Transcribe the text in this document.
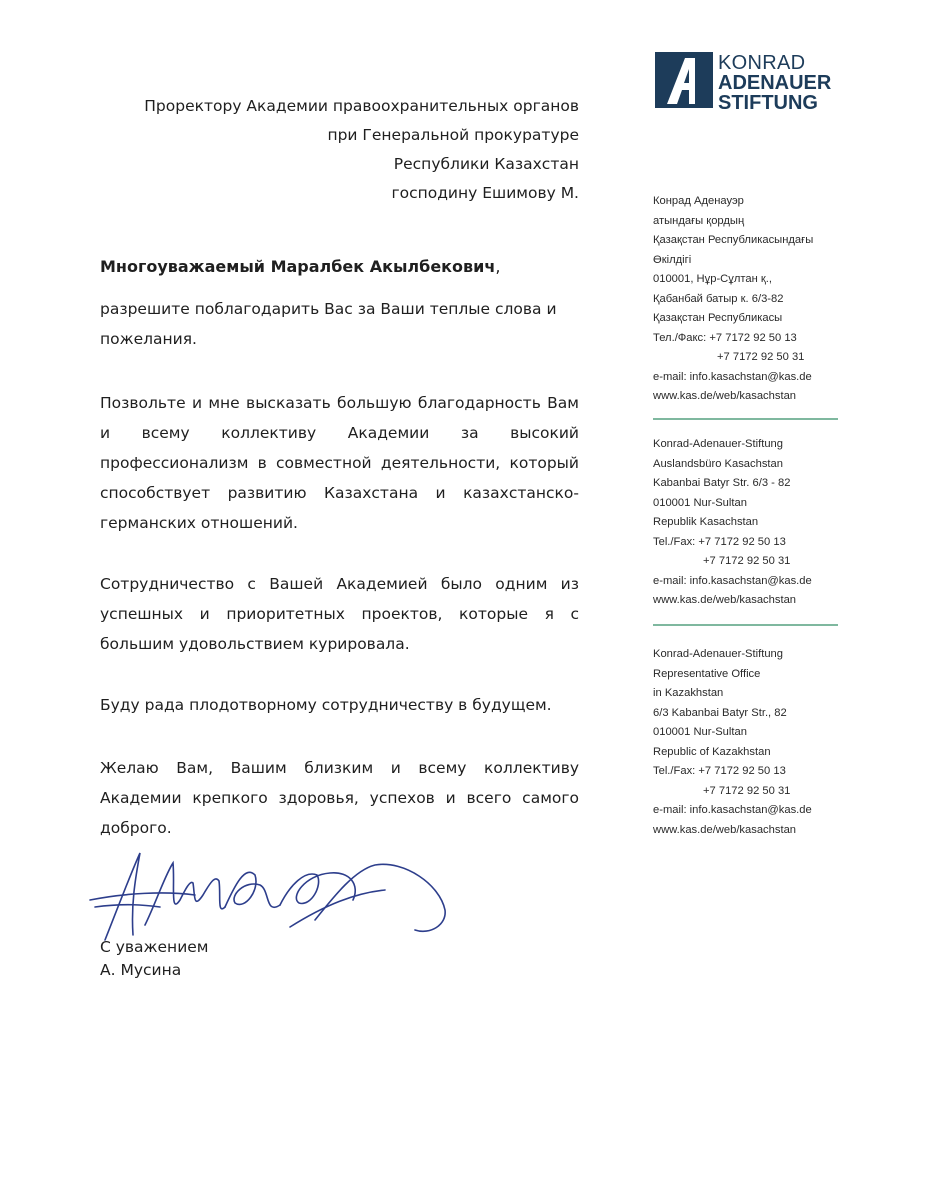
KONRAD
ADENAUER
STIFTUNG
Проректору Академии правоохранительных органов
при Генеральной прокуратуре
Республики Казахстан
господину Ешимову М.
Многоуважаемый Маралбек Акылбекович,
разрешите поблагодарить Вас за Ваши теплые слова и пожелания.
Позвольте и мне высказать большую благодарность Вам и всему коллективу Академии за высокий профессионализм в совместной деятельности, который способствует развитию Казахстана и казахстанско-германских отношений.
Сотрудничество с Вашей Академией было одним из успешных и приоритетных проектов, которые я с большим удовольствием курировала.
Буду рада плодотворному сотрудничеству в будущем.
Желаю Вам, Вашим близким и всему коллективу Академии крепкого здоровья, успехов и всего самого доброго.
С уважением
А. Мусина
Конрад Аденауэр
атындағы қордың
Қазақстан Республикасындағы
Өкілдігі
010001, Нұр-Сұлтан қ.,
Қабанбай батыр к. 6/3-82
Қазақстан Республикасы
Тел./Факс: +7 7172 92 50 13
+7 7172 92 50 31
e-mail: info.kasachstan@kas.de
www.kas.de/web/kasachstan
Konrad-Adenauer-Stiftung
Auslandsbüro Kasachstan
Kabanbai Batyr Str. 6/3 - 82
010001 Nur-Sultan
Republik Kasachstan
Tel./Fax: +7 7172 92 50 13
+7 7172 92 50 31
e-mail: info.kasachstan@kas.de
www.kas.de/web/kasachstan
Konrad-Adenauer-Stiftung
Representative Office
in Kazakhstan
6/3 Kabanbai Batyr Str., 82
010001 Nur-Sultan
Republic of Kazakhstan
Tel./Fax: +7 7172 92 50 13
+7 7172 92 50 31
e-mail: info.kasachstan@kas.de
www.kas.de/web/kasachstan
